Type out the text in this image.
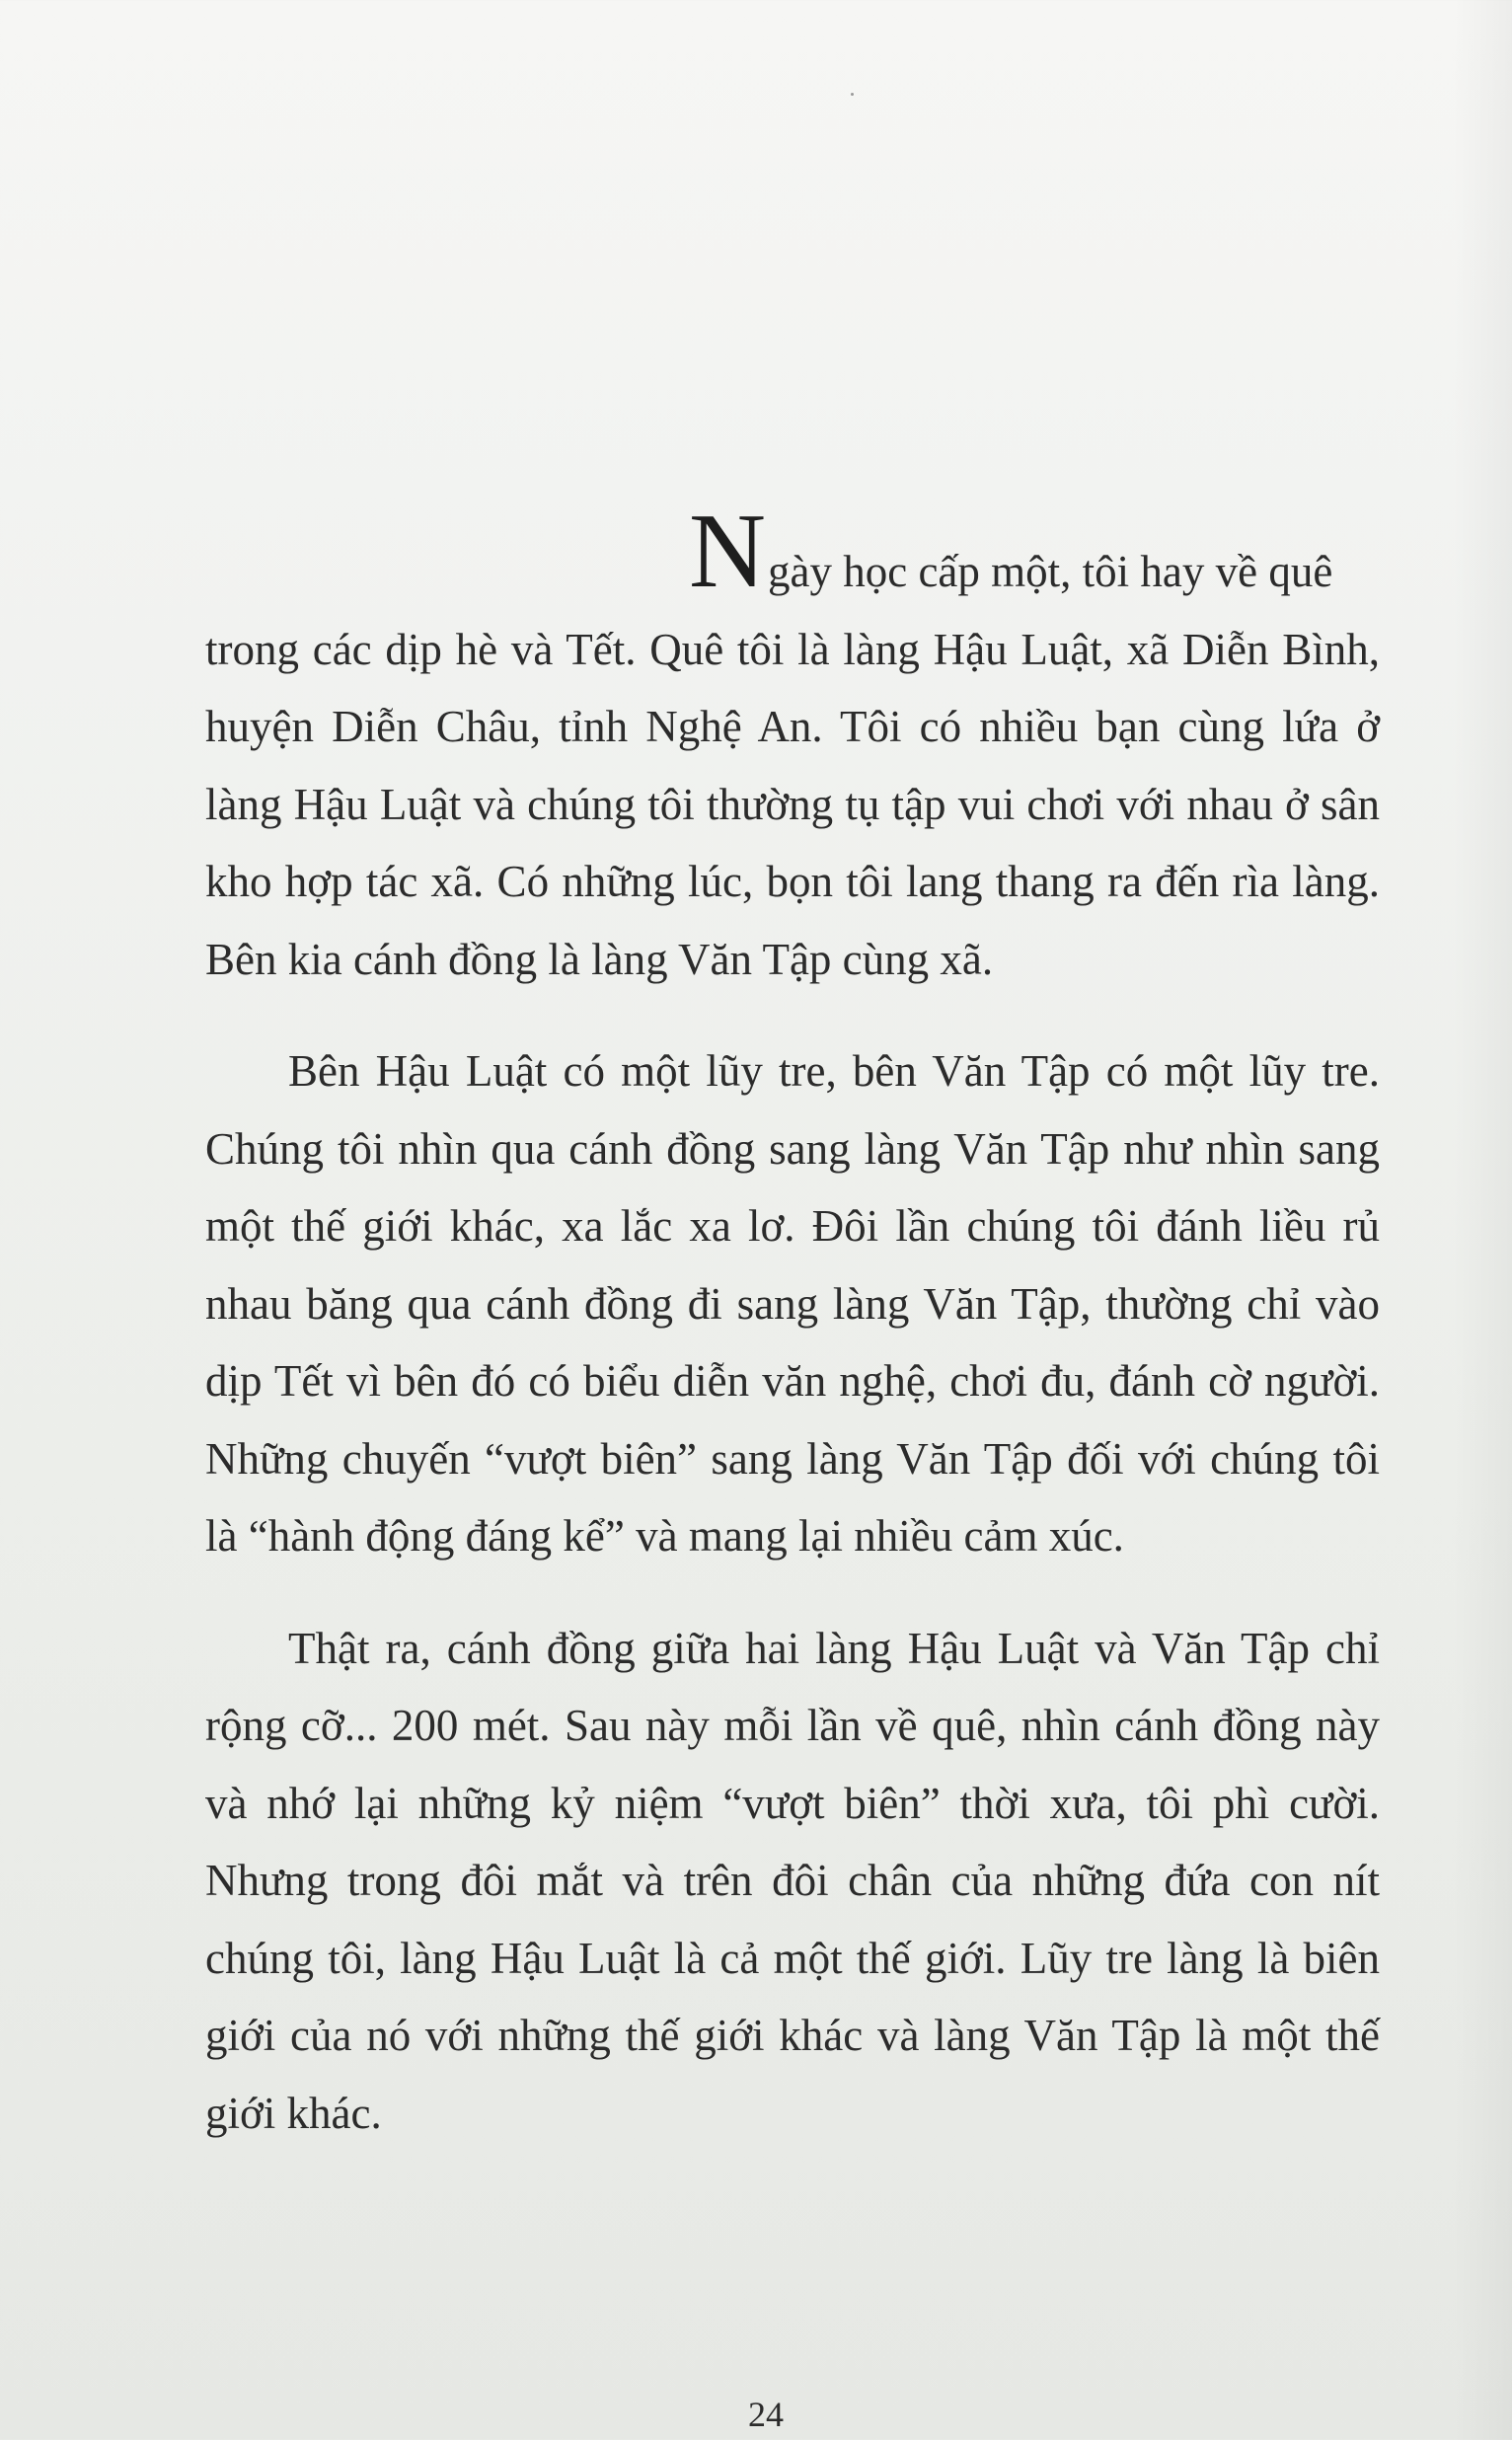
Ngày học cấp một, tôi hay về quê
trong các dịp hè và Tết. Quê tôi là làng Hậu Luật, xã Diễn Bình, huyện Diễn Châu, tỉnh Nghệ An. Tôi có nhiều bạn cùng lứa ở làng Hậu Luật và chúng tôi thường tụ tập vui chơi với nhau ở sân kho hợp tác xã. Có những lúc, bọn tôi lang thang ra đến rìa làng. Bên kia cánh đồng là làng Văn Tập cùng xã.

Bên Hậu Luật có một lũy tre, bên Văn Tập có một lũy tre. Chúng tôi nhìn qua cánh đồng sang làng Văn Tập như nhìn sang một thế giới khác, xa lắc xa lơ. Đôi lần chúng tôi đánh liều rủ nhau băng qua cánh đồng đi sang làng Văn Tập, thường chỉ vào dịp Tết vì bên đó có biểu diễn văn nghệ, chơi đu, đánh cờ người. Những chuyến “vượt biên” sang làng Văn Tập đối với chúng tôi là “hành động đáng kể” và mang lại nhiều cảm xúc.

Thật ra, cánh đồng giữa hai làng Hậu Luật và Văn Tập chỉ rộng cỡ... 200 mét. Sau này mỗi lần về quê, nhìn cánh đồng này và nhớ lại những kỷ niệm “vượt biên” thời xưa, tôi phì cười. Nhưng trong đôi mắt và trên đôi chân của những đứa con nít chúng tôi, làng Hậu Luật là cả một thế giới. Lũy tre làng là biên giới của nó với những thế giới khác và làng Văn Tập là một thế giới khác.

24
